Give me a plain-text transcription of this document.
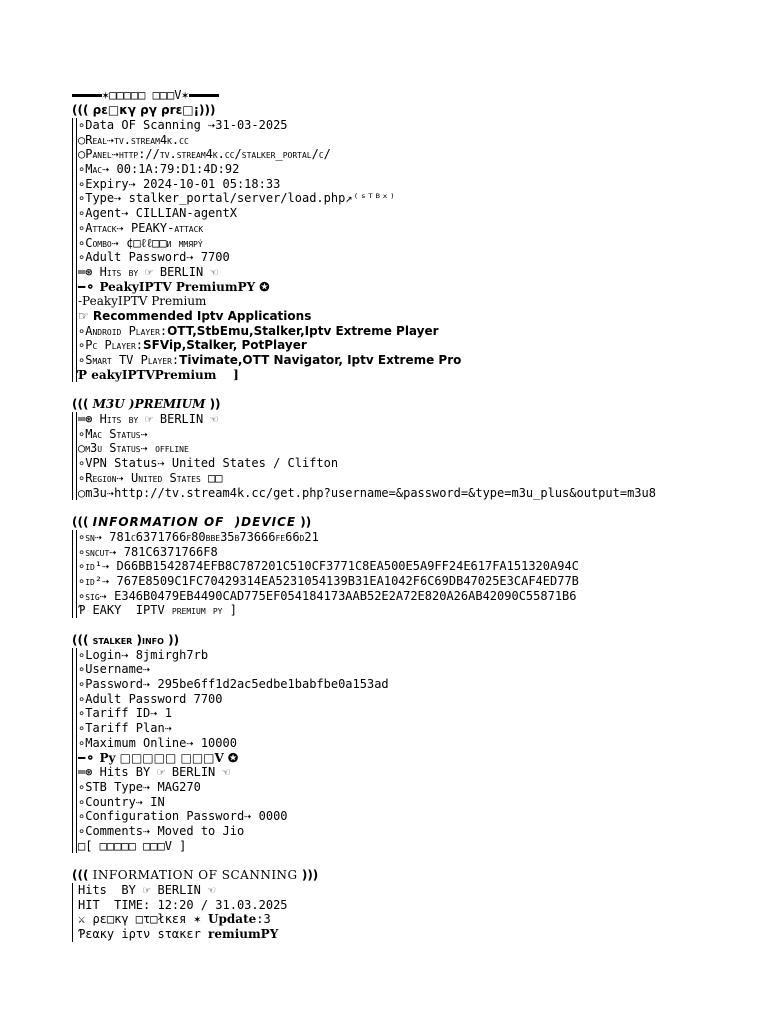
✶□□□□□ □□□V✶
((( ρε□κγ ργ ρrε□¡)))
∘Data OF Scanning ⇢31-03-2025
○Real⇢tv.stream4k.cc
○Panel⇢http://tv.stream4k.cc/stalker_portal/c/
∘Mac⇢ 00:1A:79:D1:4D:92
∘Expiry⇢ 2024-10-01 05:18:33
∘Type⇢ stalker_portal/server/load.php↗⁽ˢᵀᴮˣ⁾
∘Agent⇢ CILLIAN-agentX
∘Attack⇢ PEAKY-attack
∘Combo⇢ ¢□ℓℓ□□и мμяρý
∘Adult Password⇢ 7700
═⊛ Hits by ☞ BERLIN ☜
━⚬ PeakyIPTV PremiumPY ✪
-PeakyIPTV Premium
☞ Recommended Iptv Applications
∘Android Player:OTT,StbEmu,Stalker,Iptv Extreme Player
∘Pc Player:SFVip,Stalker, PotPlayer
∘Smart TV Player:Tivimate,OTT Navigator, Iptv Extreme Pro
Ƥ eakyIPTVPremium    ]
((( M3U )PREMIUM ))
═⊛ Hits by ☞ BERLIN ☜
∘Mac Status⇢
○m3u Status⇢ offline
∘VPN Status⇢ United States / Clifton
∘Region⇢ United States □□
○m3u⇢http://tv.stream4k.cc/get.php?username=&password=&type=m3u_plus&output=m3u8
((( INFORMATION OF  )DEVICE ))
∘sn⇢ 781c6371766f80bbe35b73666fe66d21
∘sncut⇢ 781C6371766F8
∘id¹⇢ D66BB1542874EFB8C787201C510CF3771C8EA500E5A9FF24E617FA151320A94C
∘id²⇢ 767E8509C1FC70429314EA5231054139B31EA1042F6C69DB47025E3CAF4ED77B
∘sig⇢ E346B0479EB4490CAD775EF054184173AAB52E2A72E820A26AB42090C55871B6
Ƥ EAKY  IPTV premium py ]
((( stalker )info ))
∘Login⇢ 8jmirgh7rb
∘Username⇢
∘Password⇢ 295be6ff1d2ac5edbe1babfbe0a153ad
∘Adult Password 7700
∘Tariff ID⇢ 1
∘Tariff Plan⇢
∘Maximum Online⇢ 10000
━⚬ Py □□□□□ □□□V ✪
═⊛ Hits BY ☞ BERLIN ☜
∘STB Type⇢ MAG270
∘Country⇢ IN
∘Configuration Password⇢ 0000
∘Comments⇢ Moved to Jio
□[ □□□□□ □□□V ]
((( INFORMATION OF SCANNING )))
Hits  BY ☞ BERLIN ☜
HIT  TIME: 12:20 / 31.03.2025
⚔ ρε□κγ □τ□łκεя ✶ Update:3
Ƥεακу іρτν sτακεr remiumPY
